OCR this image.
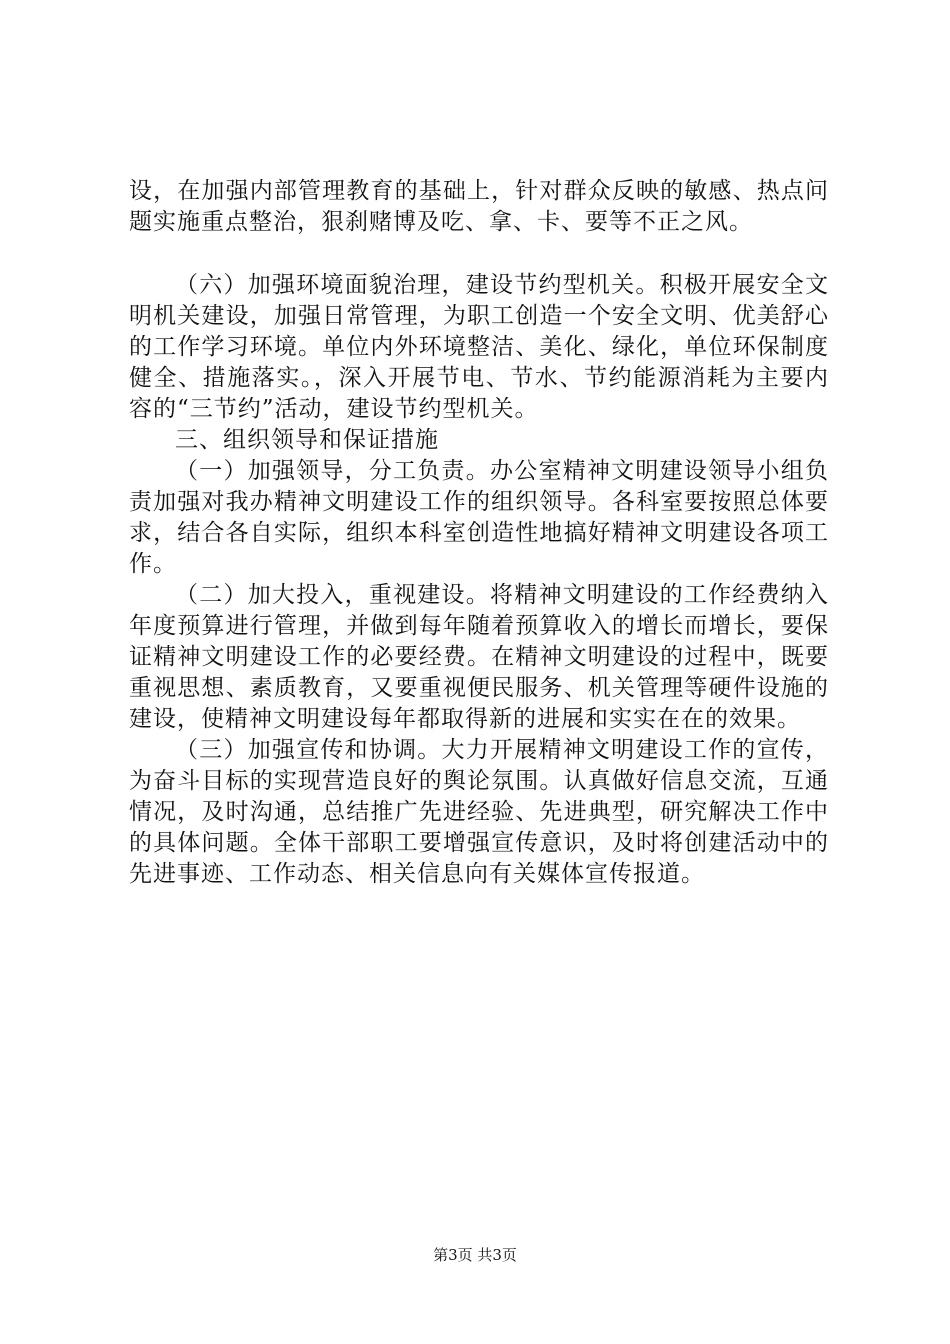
设，在加强内部管理教育的基础上，针对群众反映的敏感、热点问题实施重点整治，狠刹赌博及吃、拿、卡、要等不正之风。

（六）加强环境面貌治理，建设节约型机关。积极开展安全文明机关建设，加强日常管理，为职工创造一个安全文明、优美舒心的工作学习环境。单位内外环境整洁、美化、绿化，单位环保制度健全、措施落实。，深入开展节电、节水、节约能源消耗为主要内容的“三节约”活动，建设节约型机关。

三、组织领导和保证措施

（一）加强领导，分工负责。办公室精神文明建设领导小组负责加强对我办精神文明建设工作的组织领导。各科室要按照总体要求，结合各自实际，组织本科室创造性地搞好精神文明建设各项工作。

（二）加大投入，重视建设。将精神文明建设的工作经费纳入年度预算进行管理，并做到每年随着预算收入的增长而增长，要保证精神文明建设工作的必要经费。在精神文明建设的过程中，既要重视思想、素质教育，又要重视便民服务、机关管理等硬件设施的建设，使精神文明建设每年都取得新的进展和实实在在的效果。

（三）加强宣传和协调。大力开展精神文明建设工作的宣传，为奋斗目标的实现营造良好的舆论氛围。认真做好信息交流，互通情况，及时沟通，总结推广先进经验、先进典型，研究解决工作中的具体问题。全体干部职工要增强宣传意识，及时将创建活动中的先进事迹、工作动态、相关信息向有关媒体宣传报道。

第3页 共3页
